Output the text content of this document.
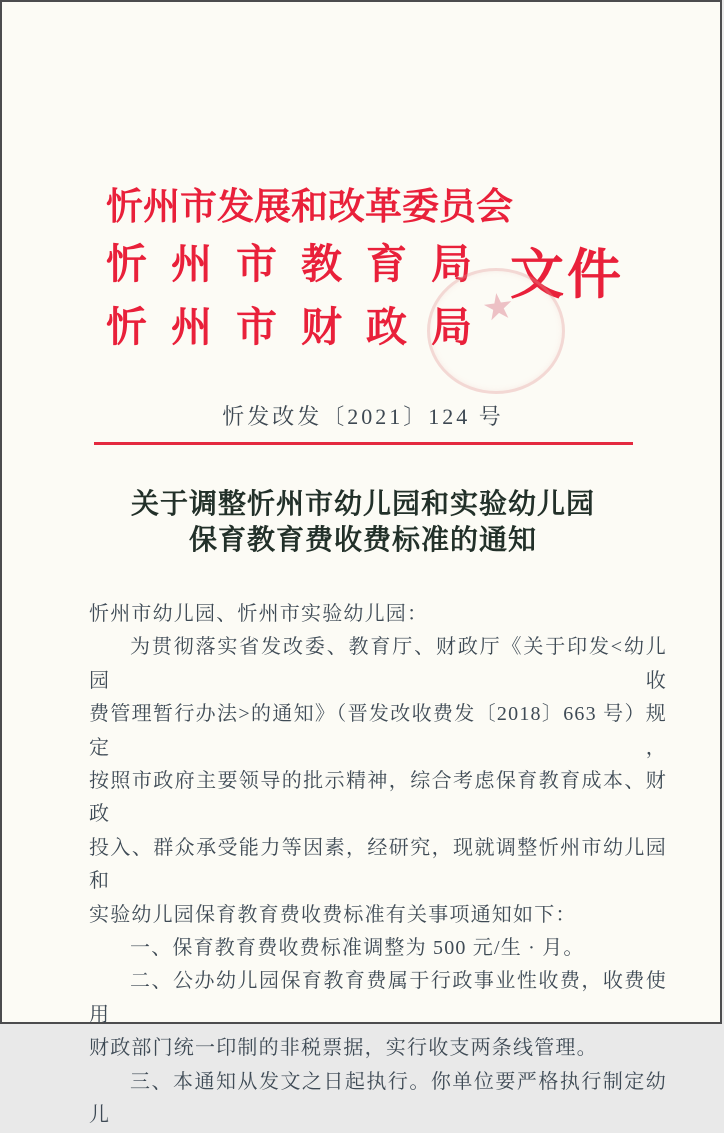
忻州市发展和改革委员会
忻 州 市 教 育 局
忻 州 市 财 政 局
文件
★
忻发改发〔2021〕124 号
关于调整忻州市幼儿园和实验幼儿园
保育教育费收费标准的通知
忻州市幼儿园、忻州市实验幼儿园：
为贯彻落实省发改委、教育厅、财政厅《关于印发<幼儿园收
费管理暂行办法>的通知》（晋发改收费发〔2018〕663 号）规定，
按照市政府主要领导的批示精神，综合考虑保育教育成本、财政
投入、群众承受能力等因素，经研究，现就调整忻州市幼儿园和
实验幼儿园保育教育费收费标准有关事项通知如下：
一、保育教育费收费标准调整为 500 元/生 · 月。
二、公办幼儿园保育教育费属于行政事业性收费，收费使用
财政部门统一印制的非税票据，实行收支两条线管理。
三、本通知从发文之日起执行。你单位要严格执行制定幼儿
